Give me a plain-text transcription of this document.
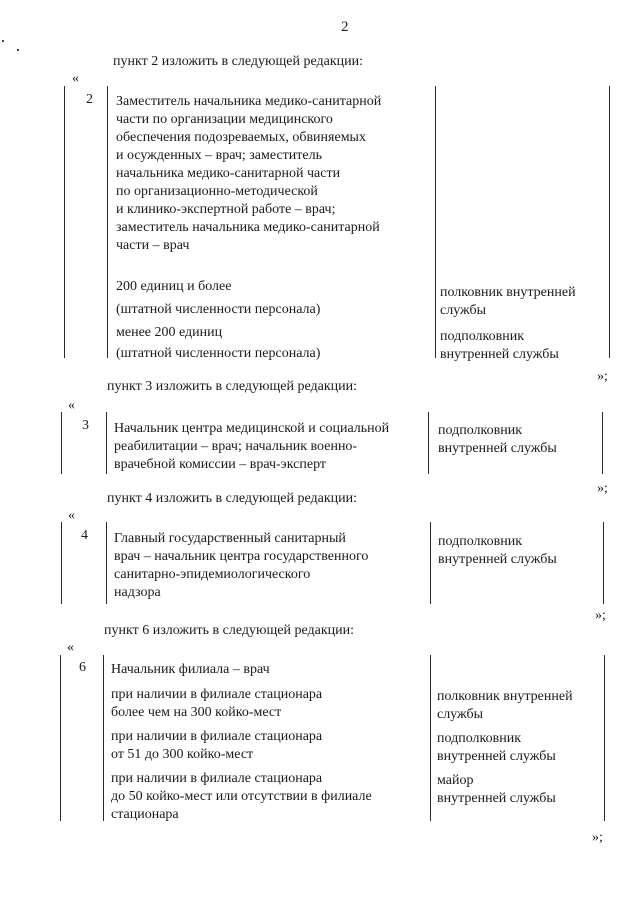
2
пункт 2 изложить в следующей редакции:
«
2 Заместитель начальника медико-санитарной
части по организации медицинского
обеспечения подозреваемых, обвиняемых
и осужденных – врач; заместитель
начальника медико-санитарной части
по организационно-методической
и клинико-экспертной работе – врач;
заместитель начальника медико-санитарной
части – врач
200 единиц и более
(штатной численности персонала)
полковник внутренней
службы
менее 200 единиц
(штатной численности персонала)
подполковник
внутренней службы
»;
пункт 3 изложить в следующей редакции:
«
3 Начальник центра медицинской и социальной
реабилитации – врач; начальник военно-
врачебной комиссии – врач-эксперт
подполковник
внутренней службы
»;
пункт 4 изложить в следующей редакции:
«
4 Главный государственный санитарный
врач – начальник центра государственного
санитарно-эпидемиологического
надзора
подполковник
внутренней службы
»;
пункт 6 изложить в следующей редакции:
«
6 Начальник филиала – врач
при наличии в филиале стационара
более чем на 300 койко-мест
полковник внутренней
службы
при наличии в филиале стационара
от 51 до 300 койко-мест
подполковник
внутренней службы
при наличии в филиале стационара
до 50 койко-мест или отсутствии в филиале
стационара
майор
внутренней службы
»;
